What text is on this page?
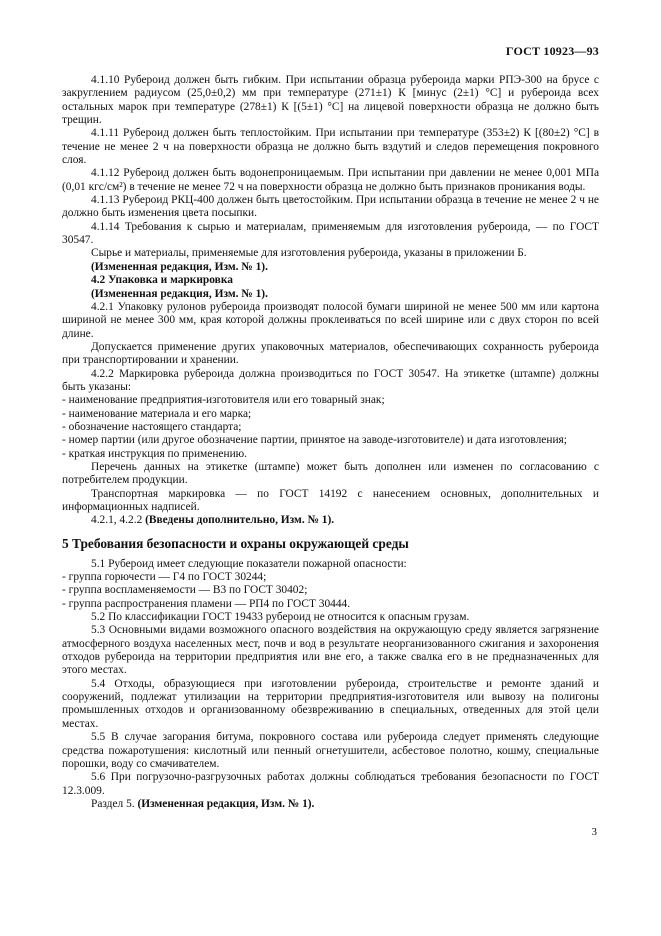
ГОСТ 10923—93

4.1.10 Рубероид должен быть гибким. При испытании образца рубероида марки РПЭ-300 на брусе с закруглением радиусом (25,0±0,2) мм при температуре (271±1) К [минус (2±1) °С] и рубероида всех остальных марок при температуре (278±1) К [(5±1) °С] на лицевой поверхности образца не должно быть трещин.

4.1.11 Рубероид должен быть теплостойким. При испытании при температуре (353±2) К [(80±2) °С] в течение не менее 2 ч на поверхности образца не должно быть вздутий и следов перемещения покровного слоя.

4.1.12 Рубероид должен быть водонепроницаемым. При испытании при давлении не менее 0,001 МПа (0,01 кгс/см²) в течение не менее 72 ч на поверхности образца не должно быть признаков проникания воды.

4.1.13 Рубероид РКЦ-400 должен быть цветостойким. При испытании образца в течение не менее 2 ч не должно быть изменения цвета посыпки.

4.1.14 Требования к сырью и материалам, применяемым для изготовления рубероида, — по ГОСТ 30547.

Сырье и материалы, применяемые для изготовления рубероида, указаны в приложении Б.

(Измененная редакция, Изм. № 1).

4.2 Упаковка и маркировка

(Измененная редакция, Изм. № 1).

4.2.1 Упаковку рулонов рубероида производят полосой бумаги шириной не менее 500 мм или картона шириной не менее 300 мм, края которой должны проклеиваться по всей ширине или с двух сторон по всей длине.

Допускается применение других упаковочных материалов, обеспечивающих сохранность рубероида при транспортировании и хранении.

4.2.2 Маркировка рубероида должна производиться по ГОСТ 30547. На этикетке (штампе) должны быть указаны:

- наименование предприятия-изготовителя или его товарный знак;

- наименование материала и его марка;

- обозначение настоящего стандарта;

- номер партии (или другое обозначение партии, принятое на заводе-изготовителе) и дата изготовления;

- краткая инструкция по применению.

Перечень данных на этикетке (штампе) может быть дополнен или изменен по согласованию с потребителем продукции.

Транспортная маркировка — по ГОСТ 14192 с нанесением основных, дополнительных и информационных надписей.

4.2.1, 4.2.2 (Введены дополнительно, Изм. № 1).

5 Требования безопасности и охраны окружающей среды

5.1 Рубероид имеет следующие показатели пожарной опасности:

- группа горючести — Г4 по ГОСТ 30244;

- группа воспламеняемости — В3 по ГОСТ 30402;

- группа распространения пламени — РП4 по ГОСТ 30444.

5.2 По классификации ГОСТ 19433 рубероид не относится к опасным грузам.

5.3 Основными видами возможного опасного воздействия на окружающую среду является загрязнение атмосферного воздуха населенных мест, почв и вод в результате неорганизованного сжигания и захоронения отходов рубероида на территории предприятия или вне его, а также свалка его в не предназначенных для этого местах.

5.4 Отходы, образующиеся при изготовлении рубероида, строительстве и ремонте зданий и сооружений, подлежат утилизации на территории предприятия-изготовителя или вывозу на полигоны промышленных отходов и организованному обезвреживанию в специальных, отведенных для этой цели местах.

5.5 В случае загорания битума, покровного состава или рубероида следует применять следующие средства пожаротушения: кислотный или пенный огнетушители, асбестовое полотно, кошму, специальные порошки, воду со смачивателем.

5.6 При погрузочно-разгрузочных работах должны соблюдаться требования безопасности по ГОСТ 12.3.009.

Раздел 5. (Измененная редакция, Изм. № 1).

3
